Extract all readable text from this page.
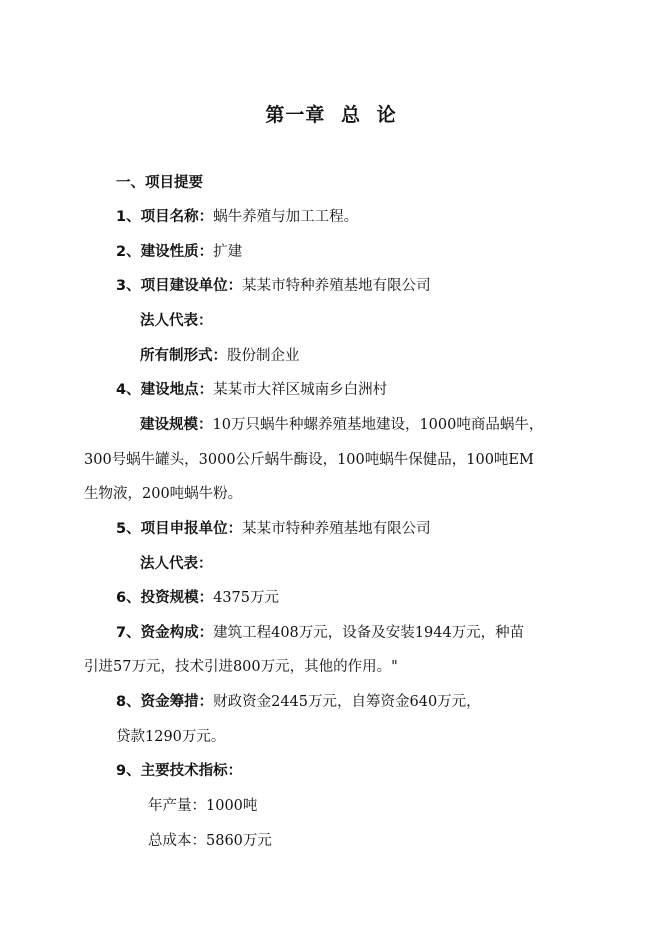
第一章 总 论
一、项目提要
1、项目名称：蜗牛养殖与加工工程。
2、建设性质：扩建
3、项目建设单位：某某市特种养殖基地有限公司
法人代表：
所有制形式：股份制企业
4、建设地点：某某市大祥区城南乡白洲村
建设规模：10万只蜗牛种螺养殖基地建设，1000吨商品蜗牛，
300号蜗牛罐头，3000公斤蜗牛酶设，100吨蜗牛保健品，100吨EM
生物液，200吨蜗牛粉。
5、项目申报单位：某某市特种养殖基地有限公司
法人代表：
6、投资规模：4375万元
7、资金构成：建筑工程408万元，设备及安装1944万元，种苗
引进57万元，技术引进800万元，其他的作用。"
8、资金筹措：财政资金2445万元，自筹资金640万元，
贷款1290万元。
9、主要技术指标：
年产量：1000吨
总成本：5860万元
